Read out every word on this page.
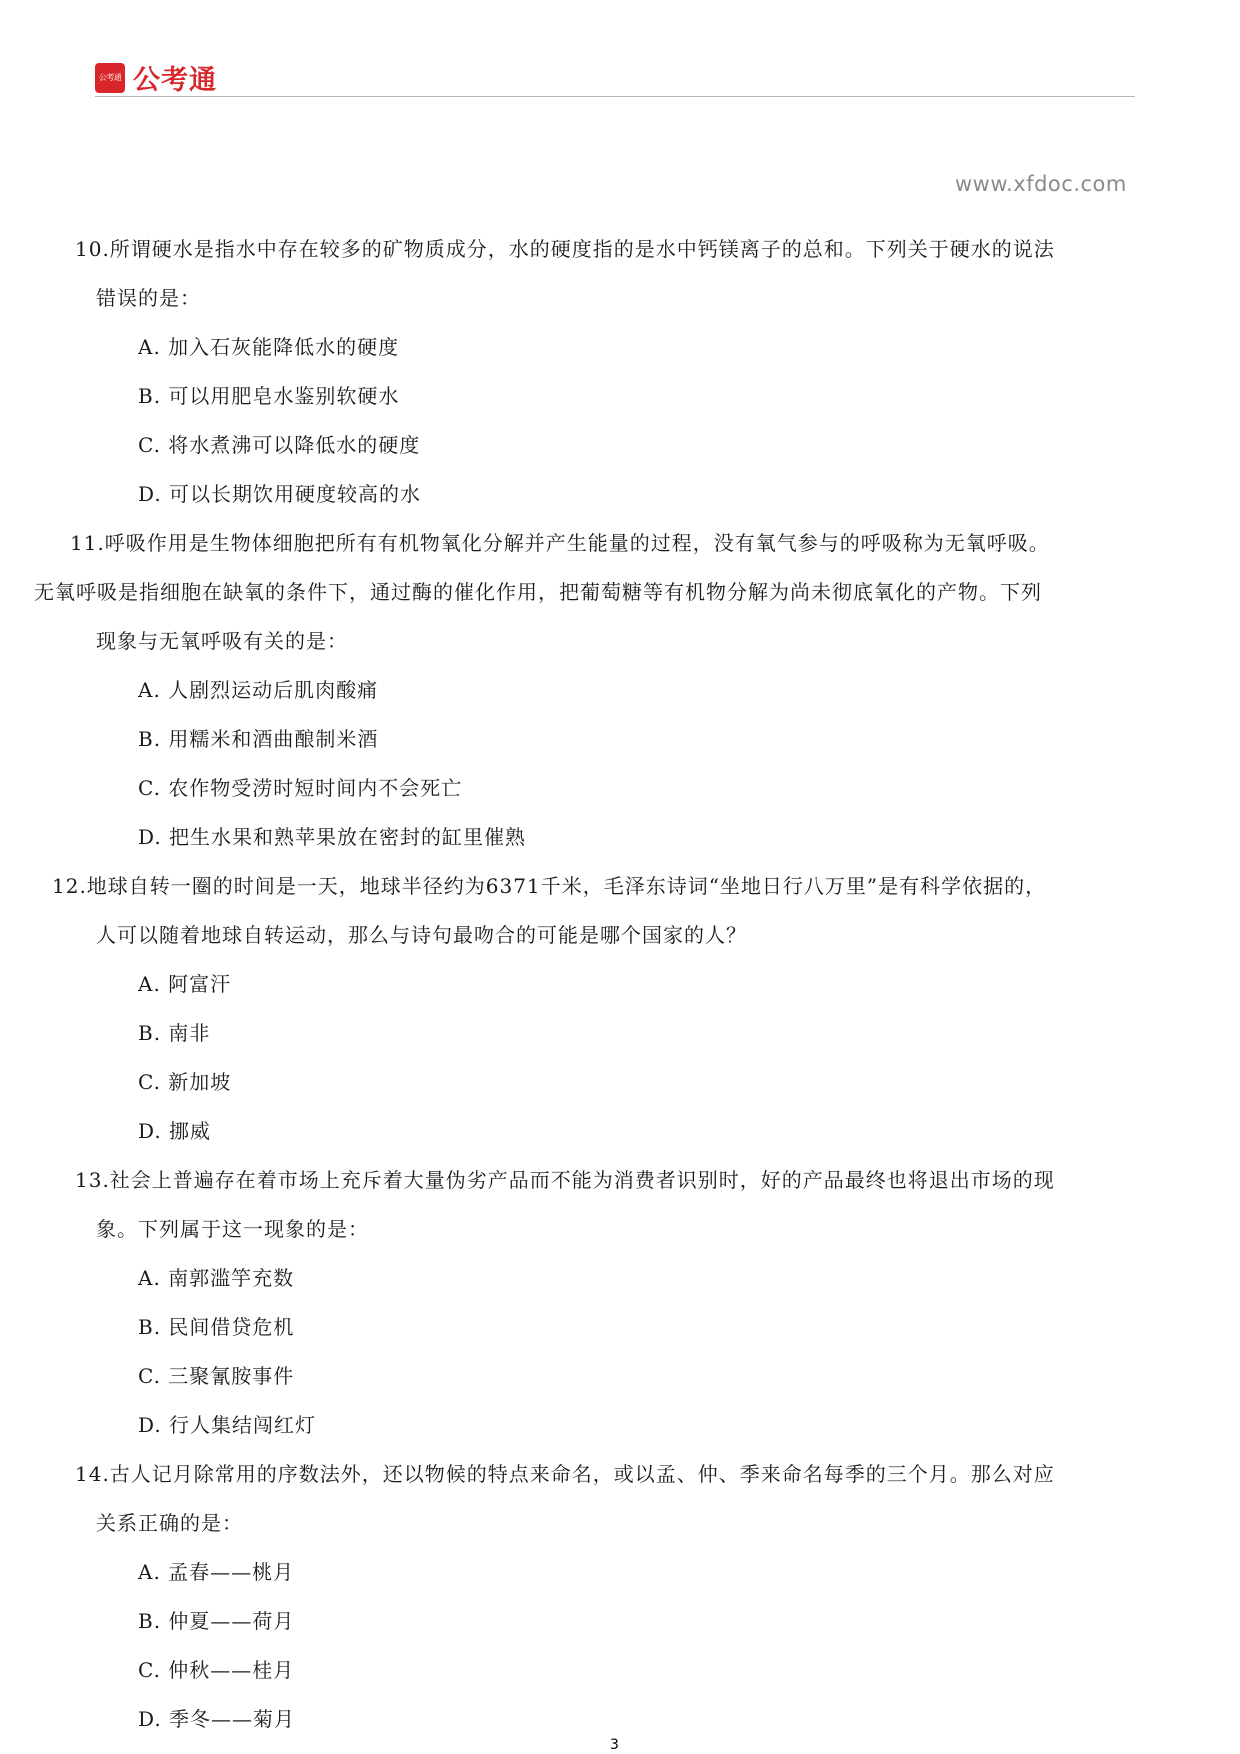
公考通 公考通
www.xfdoc.com
10.所谓硬水是指水中存在较多的矿物质成分，水的硬度指的是水中钙镁离子的总和。下列关于硬水的说法
错误的是：
A. 加入石灰能降低水的硬度
B. 可以用肥皂水鉴别软硬水
C. 将水煮沸可以降低水的硬度
D. 可以长期饮用硬度较高的水
11.呼吸作用是生物体细胞把所有有机物氧化分解并产生能量的过程，没有氧气参与的呼吸称为无氧呼吸。
无氧呼吸是指细胞在缺氧的条件下，通过酶的催化作用，把葡萄糖等有机物分解为尚未彻底氧化的产物。下列
现象与无氧呼吸有关的是：
A. 人剧烈运动后肌肉酸痛
B. 用糯米和酒曲酿制米酒
C. 农作物受涝时短时间内不会死亡
D. 把生水果和熟苹果放在密封的缸里催熟
12.地球自转一圈的时间是一天，地球半径约为6371千米，毛泽东诗词“坐地日行八万里”是有科学依据的，
人可以随着地球自转运动，那么与诗句最吻合的可能是哪个国家的人？
A. 阿富汗
B. 南非
C. 新加坡
D. 挪威
13.社会上普遍存在着市场上充斥着大量伪劣产品而不能为消费者识别时，好的产品最终也将退出市场的现
象。下列属于这一现象的是：
A. 南郭滥竽充数
B. 民间借贷危机
C. 三聚氰胺事件
D. 行人集结闯红灯
14.古人记月除常用的序数法外，还以物候的特点来命名，或以孟、仲、季来命名每季的三个月。那么对应
关系正确的是：
A. 孟春——桃月
B. 仲夏——荷月
C. 仲秋——桂月
D. 季冬——菊月
3
